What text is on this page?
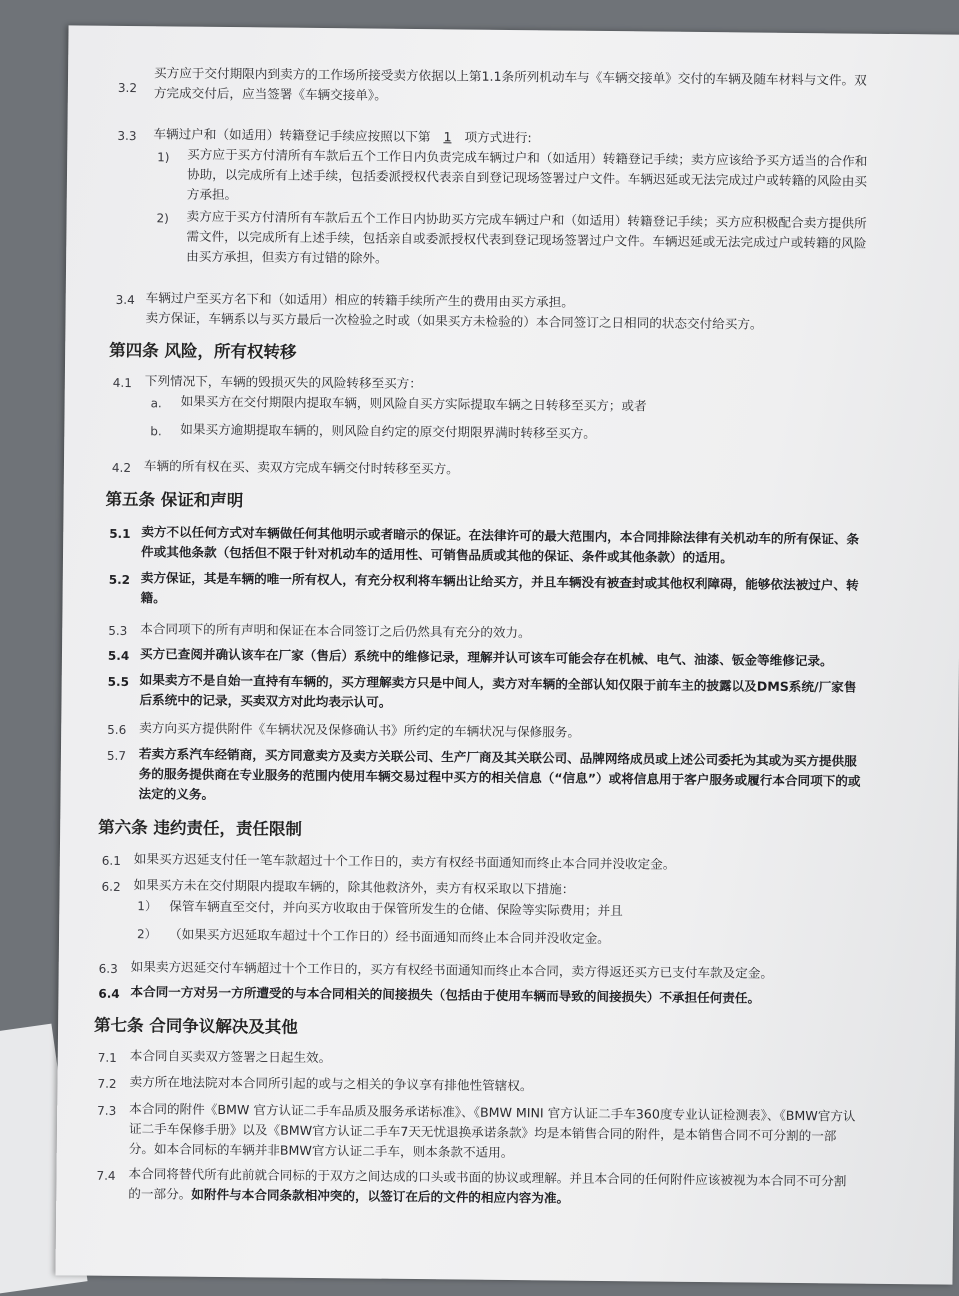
3.2
买方应于交付期限内到卖方的工作场所接受卖方依据以上第1.1条所列机动车与《车辆交接单》交付的车辆及随车材料与文件。双
方完成交付后，应当签署《车辆交接单》。
3.3 车辆过户和（如适用）转籍登记手续应按照以下第 1 项方式进行:
1) 买方应于买方付清所有车款后五个工作日内负责完成车辆过户和（如适用）转籍登记手续；卖方应该给予买方适当的合作和
协助，以完成所有上述手续，包括委派授权代表亲自到登记现场签署过户文件。车辆迟延或无法完成过户或转籍的风险由买
方承担。
2) 卖方应于买方付清所有车款后五个工作日内协助买方完成车辆过户和（如适用）转籍登记手续；买方应积极配合卖方提供所
需文件，以完成所有上述手续，包括亲自或委派授权代表到登记现场签署过户文件。车辆迟延或无法完成过户或转籍的风险
由买方承担，但卖方有过错的除外。
3.4 车辆过户至买方名下和（如适用）相应的转籍手续所产生的费用由买方承担。
卖方保证，车辆系以与买方最后一次检验之时或（如果买方未检验的）本合同签订之日相同的状态交付给买方。
第四条 风险，所有权转移
4.1 下列情况下，车辆的毁损灭失的风险转移至买方：
a. 如果买方在交付期限内提取车辆，则风险自买方实际提取车辆之日转移至买方；或者
b. 如果买方逾期提取车辆的，则风险自约定的原交付期限界满时转移至买方。
4.2 车辆的所有权在买、卖双方完成车辆交付时转移至买方。
第五条 保证和声明
5.1 卖方不以任何方式对车辆做任何其他明示或者暗示的保证。在法律许可的最大范围内，本合同排除法律有关机动车的所有保证、条
件或其他条款（包括但不限于针对机动车的适用性、可销售品质或其他的保证、条件或其他条款）的适用。
5.2 卖方保证，其是车辆的唯一所有权人，有充分权利将车辆出让给买方，并且车辆没有被查封或其他权利障碍，能够依法被过户、转
籍。
5.3 本合同项下的所有声明和保证在本合同签订之后仍然具有充分的效力。
5.4 买方已查阅并确认该车在厂家（售后）系统中的维修记录，理解并认可该车可能会存在机械、电气、油漆、钣金等维修记录。
5.5 如果卖方不是自始一直持有车辆的，买方理解卖方只是中间人，卖方对车辆的全部认知仅限于前车主的披露以及DMS系统/厂家售
后系统中的记录，买卖双方对此均表示认可。
5.6 卖方向买方提供附件《车辆状况及保修确认书》所约定的车辆状况与保修服务。
5.7 若卖方系汽车经销商，买方同意卖方及卖方关联公司、生产厂商及其关联公司、品牌网络成员或上述公司委托为其或为买方提供服
务的服务提供商在专业服务的范围内使用车辆交易过程中买方的相关信息（“信息”）或将信息用于客户服务或履行本合同项下的或
法定的义务。
第六条 违约责任，责任限制
6.1 如果买方迟延支付任一笔车款超过十个工作日的，卖方有权经书面通知而终止本合同并没收定金。
6.2 如果买方未在交付期限内提取车辆的，除其他救济外，卖方有权采取以下措施：
1） 保管车辆直至交付，并向买方收取由于保管所发生的仓储、保险等实际费用；并且
2） （如果买方迟延取车超过十个工作日的）经书面通知而终止本合同并没收定金。
6.3 如果卖方迟延交付车辆超过十个工作日的，买方有权经书面通知而终止本合同，卖方得返还买方已支付车款及定金。
6.4 本合同一方对另一方所遭受的与本合同相关的间接损失（包括由于使用车辆而导致的间接损失）不承担任何责任。
第七条 合同争议解决及其他
7.1 本合同自买卖双方签署之日起生效。
7.2 卖方所在地法院对本合同所引起的或与之相关的争议享有排他性管辖权。
7.3 本合同的附件《BMW 官方认证二手车品质及服务承诺标准》、《BMW MINI 官方认证二手车360度专业认证检测表》、《BMW官方认
证二手车保修手册》以及《BMW官方认证二手车7天无忧退换承诺条款》均是本销售合同的附件，是本销售合同不可分割的一部
分。如本合同标的车辆并非BMW官方认证二手车，则本条款不适用。
7.4 本合同将替代所有此前就合同标的于双方之间达成的口头或书面的协议或理解。并且本合同的任何附件应该被视为本合同不可分割
的一部分。如附件与本合同条款相冲突的，以签订在后的文件的相应内容为准。
